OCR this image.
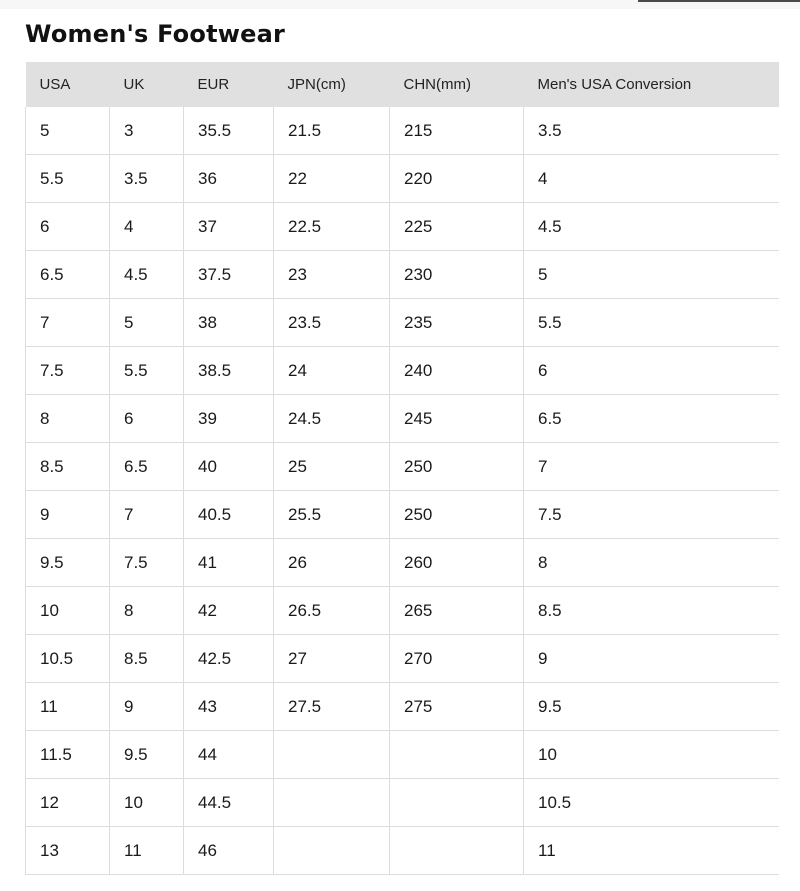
Women's Footwear
USA	UK	EUR	JPN(cm)	CHN(mm)	Men's USA Conversion
5	3	35.5	21.5	215	3.5
5.5	3.5	36	22	220	4
6	4	37	22.5	225	4.5
6.5	4.5	37.5	23	230	5
7	5	38	23.5	235	5.5
7.5	5.5	38.5	24	240	6
8	6	39	24.5	245	6.5
8.5	6.5	40	25	250	7
9	7	40.5	25.5	250	7.5
9.5	7.5	41	26	260	8
10	8	42	26.5	265	8.5
10.5	8.5	42.5	27	270	9
11	9	43	27.5	275	9.5
11.5	9.5	44			10
12	10	44.5			10.5
13	11	46			11
